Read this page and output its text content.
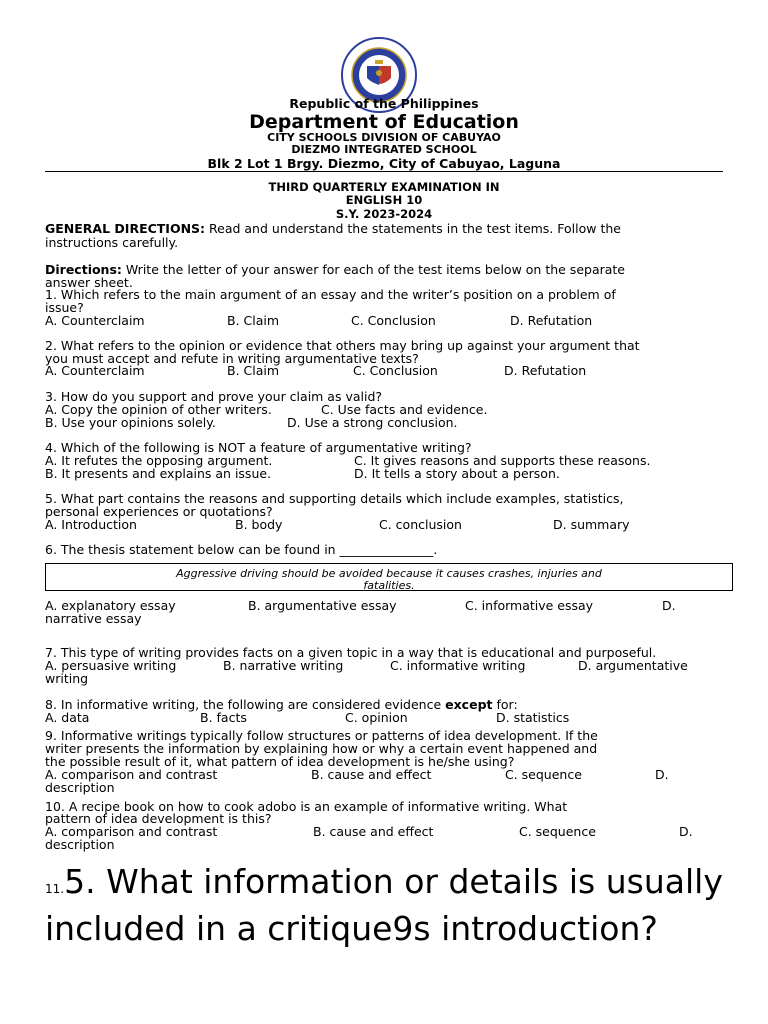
Republic of the Philippines
Department of Education
CITY SCHOOLS DIVISION OF CABUYAO
DIEZMO INTEGRATED SCHOOL
Blk 2 Lot 1 Brgy. Diezmo, City of Cabuyao, Laguna
THIRD QUARTERLY EXAMINATION IN
ENGLISH 10
S.Y. 2023-2024
GENERAL DIRECTIONS: Read and understand the statements in the test items. Follow the
instructions carefully.
Directions: Write the letter of your answer for each of the test items below on the separate
answer sheet.
1. Which refers to the main argument of an essay and the writer’s position on a problem of
issue?
A. Counterclaim	B. Claim	C. Conclusion	D. Refutation
2. What refers to the opinion or evidence that others may bring up against your argument that
you must accept and refute in writing argumentative texts?
A. Counterclaim	B. Claim	C. Conclusion	D. Refutation
3. How do you support and prove your claim as valid?
A. Copy the opinion of other writers.	C. Use facts and evidence.
B. Use your opinions solely.	D. Use a strong conclusion.
4. Which of the following is NOT a feature of argumentative writing?
A. It refutes the opposing argument.	C. It gives reasons and supports these reasons.
B. It presents and explains an issue.	D. It tells a story about a person.
5. What part contains the reasons and supporting details which include examples, statistics,
personal experiences or quotations?
A. Introduction	B. body	C. conclusion	D. summary
6. The thesis statement below can be found in _______________.
Aggressive driving should be avoided because it causes crashes, injuries and
fatalities.
A. explanatory essay	B. argumentative essay	C. informative essay	D.
narrative essay
7. This type of writing provides facts on a given topic in a way that is educational and purposeful.
A. persuasive writing	B. narrative writing	C. informative writing	D. argumentative
writing
8. In informative writing, the following are considered evidence except for:
A. data	B. facts	C. opinion	D. statistics
9. Informative writings typically follow structures or patterns of idea development. If the
writer presents the information by explaining how or why a certain event happened and
the possible result of it, what pattern of idea development is he/she using?
A. comparison and contrast	B. cause and effect	C. sequence	D.
description
10. A recipe book on how to cook adobo is an example of informative writing. What
pattern of idea development is this?
A. comparison and contrast	B. cause and effect	C. sequence	D.
description
11.5. What information or details is usually included in a critique9s introduction?
